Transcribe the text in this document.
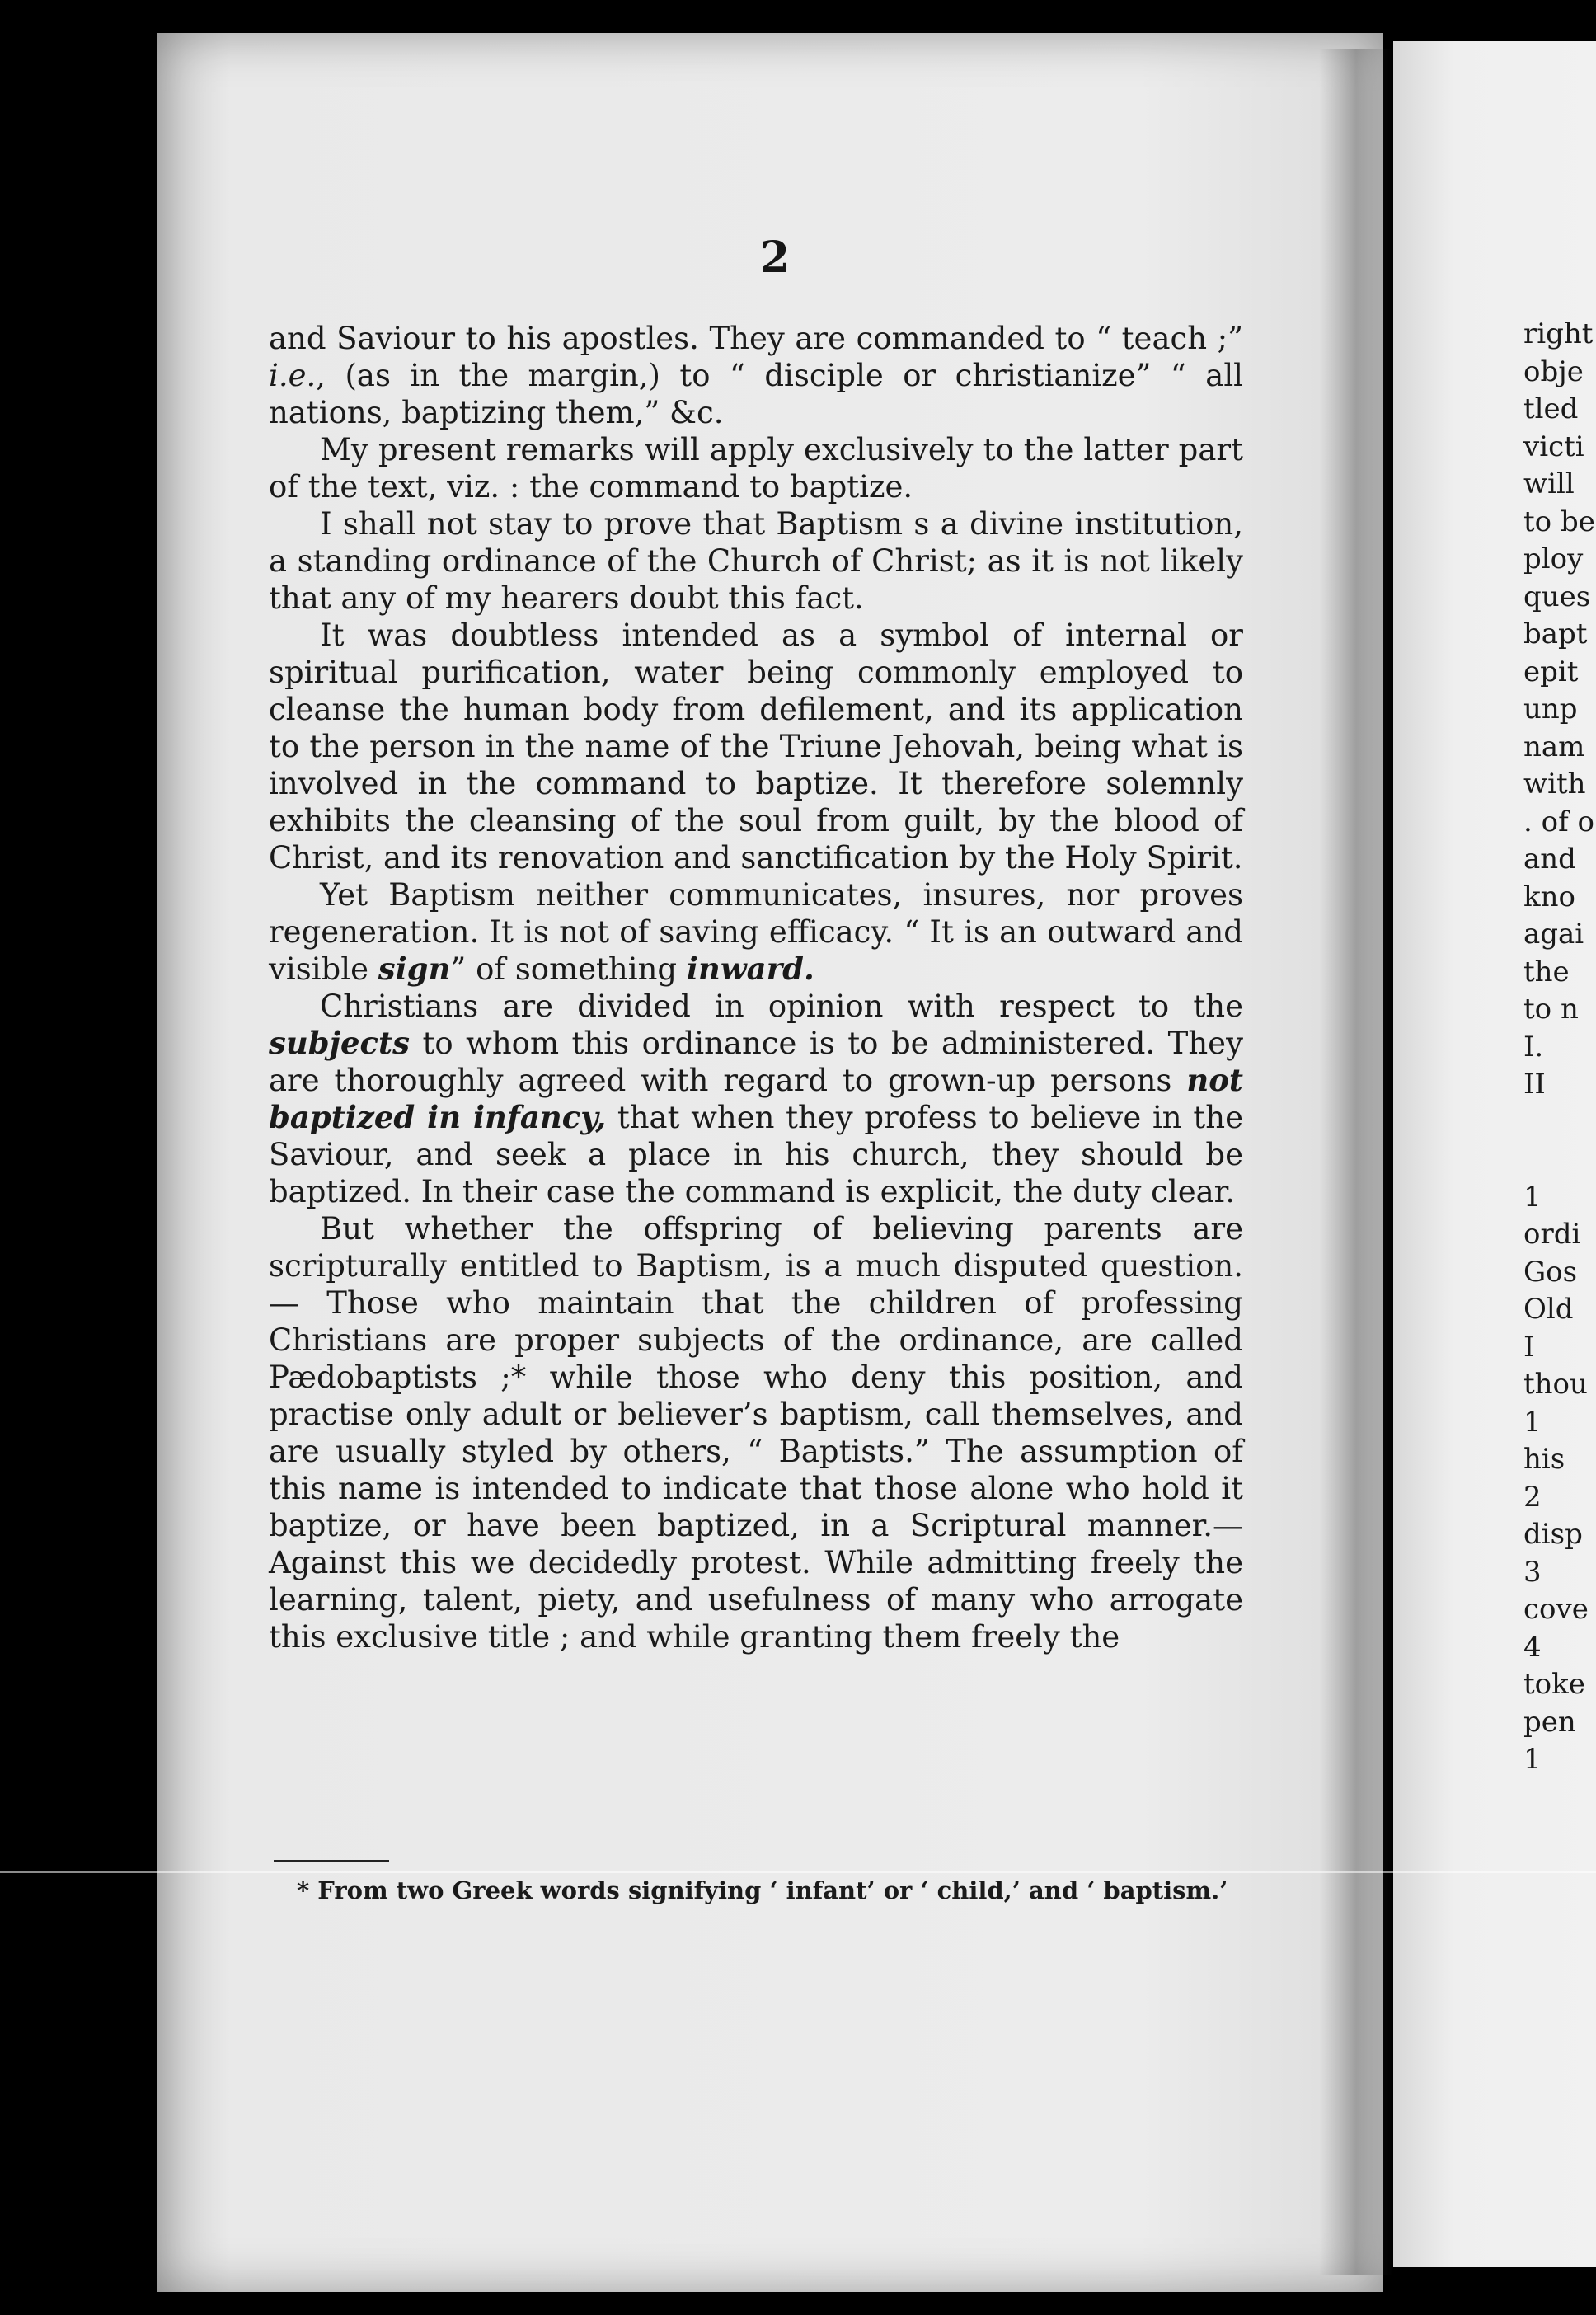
2

and Saviour to his apostles. They are commanded to “ teach ;” i.e., (as in the margin,) to “ disciple or christianize” “ all nations, baptizing them,” &c.

My present remarks will apply exclusively to the latter part of the text, viz. : the command to baptize.

I shall not stay to prove that Baptism s a divine institution, a standing ordinance of the Church of Christ; as it is not likely that any of my hearers doubt this fact.

It was doubtless intended as a symbol of internal or spiritual purification, water being commonly employed to cleanse the human body from defilement, and its application to the person in the name of the Triune Jehovah, being what is involved in the command to baptize. It therefore solemnly exhibits the cleansing of the soul from guilt, by the blood of Christ, and its renovation and sanctification by the Holy Spirit.

Yet Baptism neither communicates, insures, nor proves regeneration. It is not of saving efficacy. “ It is an outward and visible sign” of something inward.

Christians are divided in opinion with respect to the subjects to whom this ordinance is to be administered. They are thoroughly agreed with regard to grown-up persons not baptized in infancy, that when they profess to believe in the Saviour, and seek a place in his church, they should be baptized. In their case the command is explicit, the duty clear.

But whether the offspring of believing parents are scripturally entitled to Baptism, is a much disputed question.— Those who maintain that the children of professing Christians are proper subjects of the ordinance, are called Pædobaptists ;* while those who deny this position, and practise only adult or believer’s baptism, call themselves, and are usually styled by others, “ Baptists.” The assumption of this name is intended to indicate that those alone who hold it baptize, or have been baptized, in a Scriptural manner.— Against this we decidedly protest. While admitting freely the learning, talent, piety, and usefulness of many who arrogate this exclusive title ; and while granting them freely the

* From two Greek words signifying ‘ infant’ or ‘ child,’ and ‘ baptism.’
right
obje
tled
victi
will
to be
ploy
ques
bapt
epit
unp
nam
with
. of o
and
kno
agai
the
to n
I.
II
1
ordi
Gos
Old
I
thou
1
his
2
disp
3
cove
4
toke
pen
1
